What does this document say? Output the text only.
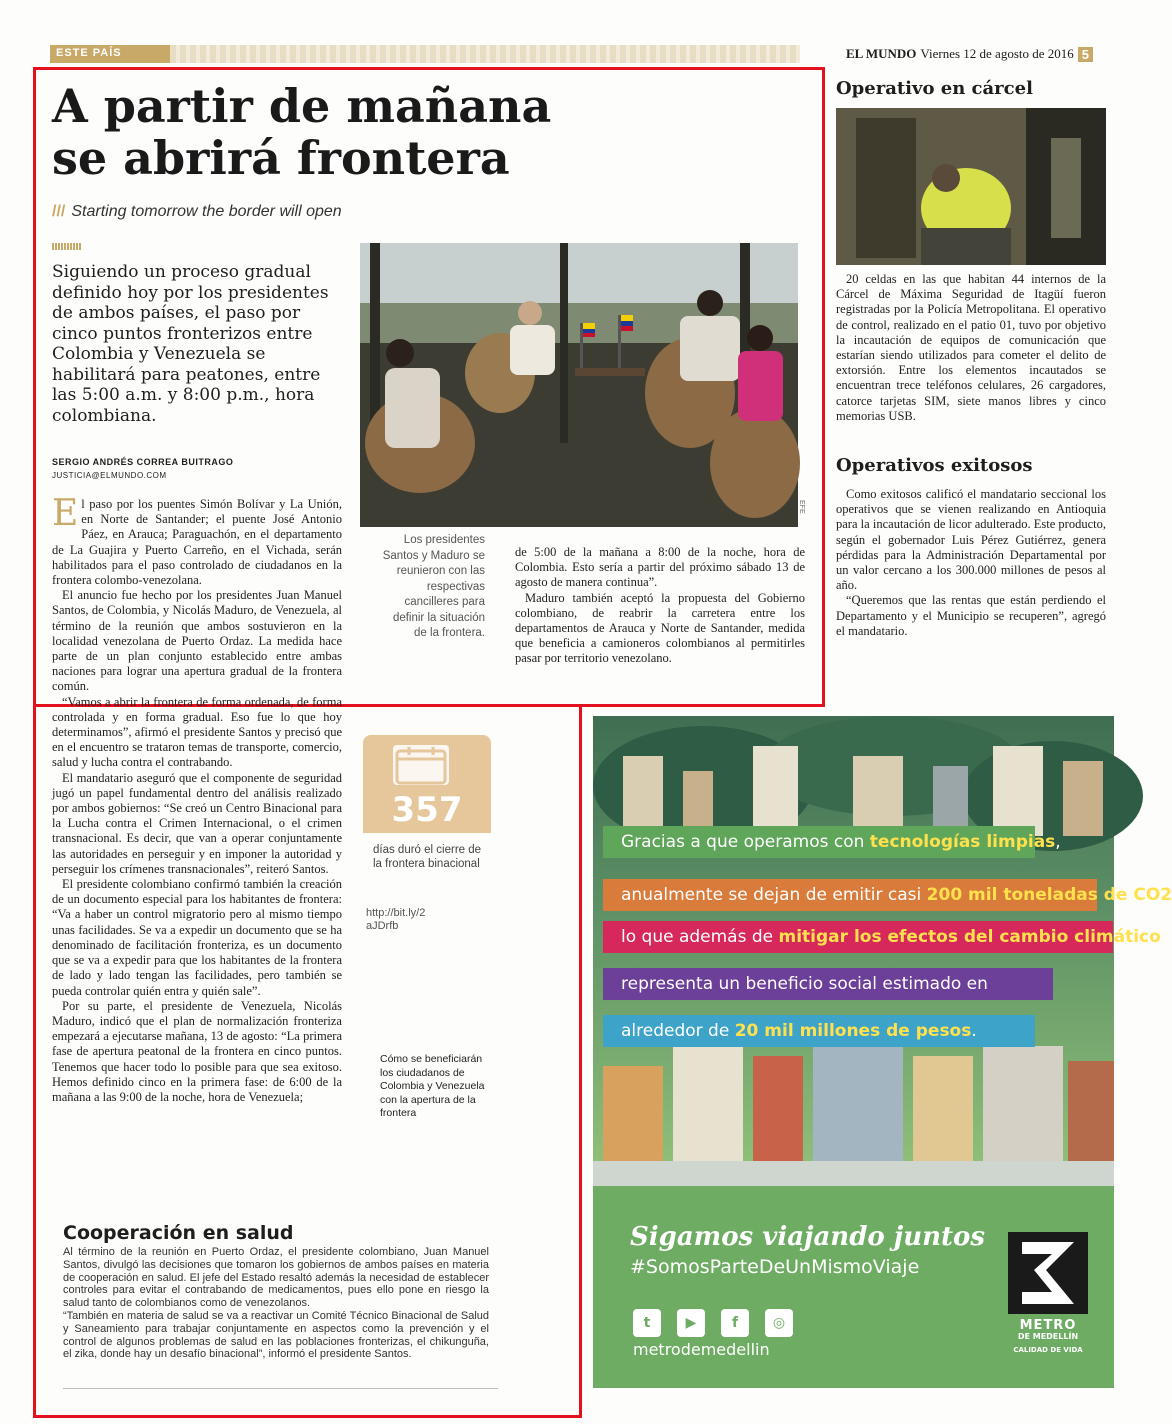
ESTE PAÍS	EL MUNDO Viernes 12 de agosto de 2016 5
A partir de mañana
se abrirá frontera
/// Starting tomorrow the border will open
Siguiendo un proceso gradual definido hoy por los presidentes de ambos países, el paso por cinco puntos fronterizos entre Colombia y Venezuela se habilitará para peatones, entre las 5:00 a.m. y 8:00 p.m., hora colombiana.
SERGIO ANDRÉS CORREA BUITRAGO
JUSTICIA@ELMUNDO.COM
EFE
Los presidentes Santos y Maduro se reunieron con las respectivas cancilleres para definir la situación de la frontera.

El paso por los puentes Simón Bolívar y La Unión, en Norte de Santander; el puente José Antonio Páez, en Arauca; Paraguachón, en el departamento de La Guajira y Puerto Carreño, en el Vichada, serán habilitados para el paso controlado de ciudadanos en la frontera colombo-venezolana.

El anuncio fue hecho por los presidentes Juan Manuel Santos, de Colombia, y Nicolás Maduro, de Venezuela, al término de la reunión que ambos sostuvieron en la localidad venezolana de Puerto Ordaz. La medida hace parte de un plan conjunto establecido entre ambas naciones para lograr una apertura gradual de la frontera común.

“Vamos a abrir la frontera de forma ordenada, de forma controlada y en forma gradual. Eso fue lo que hoy determinamos”, afirmó el presidente Santos y precisó que en el encuentro se trataron temas de transporte, comercio, salud y lucha contra el contrabando.

El mandatario aseguró que el componente de seguridad jugó un papel fundamental dentro del análisis realizado por ambos gobiernos: “Se creó un Centro Binacional para la Lucha contra el Crimen Internacional, o el crimen transnacional. Es decir, que van a operar conjuntamente las autoridades en perseguir y en imponer la autoridad y perseguir los crímenes transnacionales”, reiteró Santos.

El presidente colombiano confirmó también la creación de un documento especial para los habitantes de frontera: “Va a haber un control migratorio pero al mismo tiempo unas facilidades. Se va a expedir un documento que se ha denominado de facilitación fronteriza, es un documento que se va a expedir para que los habitantes de la frontera de lado y lado tengan las facilidades, pero también se pueda controlar quién entra y quién sale”.

Por su parte, el presidente de Venezuela, Nicolás Maduro, indicó que el plan de normalización fronteriza empezará a ejecutarse mañana, 13 de agosto: “La primera fase de apertura peatonal de la frontera en cinco puntos. Tenemos que hacer todo lo posible para que sea exitoso. Hemos definido cinco en la primera fase: de 6:00 de la mañana a las 9:00 de la noche, hora de Venezuela;

de 5:00 de la mañana a 8:00 de la noche, hora de Colombia. Esto sería a partir del próximo sábado 13 de agosto de manera continua”.

Maduro también aceptó la propuesta del Gobierno colombiano, de reabrir la carretera entre los departamentos de Arauca y Norte de Santander, medida que beneficia a camioneros colombianos al permitirles pasar por territorio venezolano.

357
días duró el cierre de la frontera binacional
http://bit.ly/2aJDrfb
Cómo se beneficiarán los ciudadanos de Colombia y Venezuela con la apertura de la frontera
Cooperación en salud

Al término de la reunión en Puerto Ordaz, el presidente colombiano, Juan Manuel Santos, divulgó las decisiones que tomaron los gobiernos de ambos países en materia de cooperación en salud. El jefe del Estado resaltó además la necesidad de establecer controles para evitar el contrabando de medicamentos, pues ello pone en riesgo la salud tanto de colombianos como de venezolanos.

“También en materia de salud se va a reactivar un Comité Técnico Binacional de Salud y Saneamiento para trabajar conjuntamente en aspectos como la prevención y el control de algunos problemas de salud en las poblaciones fronterizas, el chikunguña, el zika, donde hay un desafío binacional”, informó el presidente Santos.

Operativo en cárcel

20 celdas en las que habitan 44 internos de la Cárcel de Máxima Seguridad de Itagüí fueron registradas por la Policía Metropolitana. El operativo de control, realizado en el patio 01, tuvo por objetivo la incautación de equipos de comunicación que estarían siendo utilizados para cometer el delito de extorsión. Entre los elementos incautados se encuentran trece teléfonos celulares, 26 cargadores, catorce tarjetas SIM, siete manos libres y cinco memorias USB.

Operativos exitosos

Como exitosos calificó el mandatario seccional los operativos que se vienen realizando en Antioquia para la incautación de licor adulterado. Este producto, según el gobernador Luis Pérez Gutiérrez, genera pérdidas para la Administración Departamental por un valor cercano a los 300.000 millones de pesos al año.

“Queremos que las rentas que están perdiendo el Departamento y el Municipio se recuperen”, agregó el mandatario.

Gracias a que operamos con tecnologías limpias,
anualmente se dejan de emitir casi 200 mil toneladas de CO2
lo que además de mitigar los efectos del cambio climático,
representa un beneficio social estimado en
alrededor de 20 mil millones de pesos.
Sigamos viajando juntos
#SomosParteDeUnMismoViaje
t	▶	f	◎
metrodemedellin
METRO
DE MEDELLÍN
CALIDAD DE VIDA
